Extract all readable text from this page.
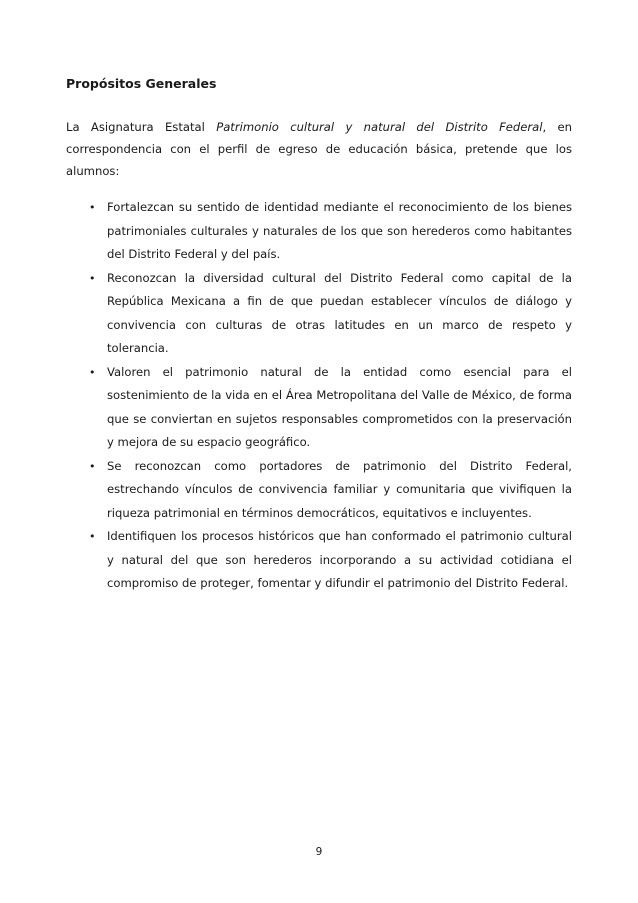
Propósitos Generales

La Asignatura Estatal Patrimonio cultural y natural del Distrito Federal, en correspondencia con el perfil de egreso de educación básica, pretende que los alumnos:

• Fortalezcan su sentido de identidad mediante el reconocimiento de los bienes patrimoniales culturales y naturales de los que son herederos como habitantes del Distrito Federal y del país.
• Reconozcan la diversidad cultural del Distrito Federal como capital de la República Mexicana a fin de que puedan establecer vínculos de diálogo y convivencia con culturas de otras latitudes en un marco de respeto y tolerancia.
• Valoren el patrimonio natural de la entidad como esencial para el sostenimiento de la vida en el Área Metropolitana del Valle de México, de forma que se conviertan en sujetos responsables comprometidos con la preservación y mejora de su espacio geográfico.
• Se reconozcan como portadores de patrimonio del Distrito Federal, estrechando vínculos de convivencia familiar y comunitaria que vivifiquen la riqueza patrimonial en términos democráticos, equitativos e incluyentes.
• Identifiquen los procesos históricos que han conformado el patrimonio cultural y natural del que son herederos incorporando a su actividad cotidiana el compromiso de proteger, fomentar y difundir el patrimonio del Distrito Federal.
9
